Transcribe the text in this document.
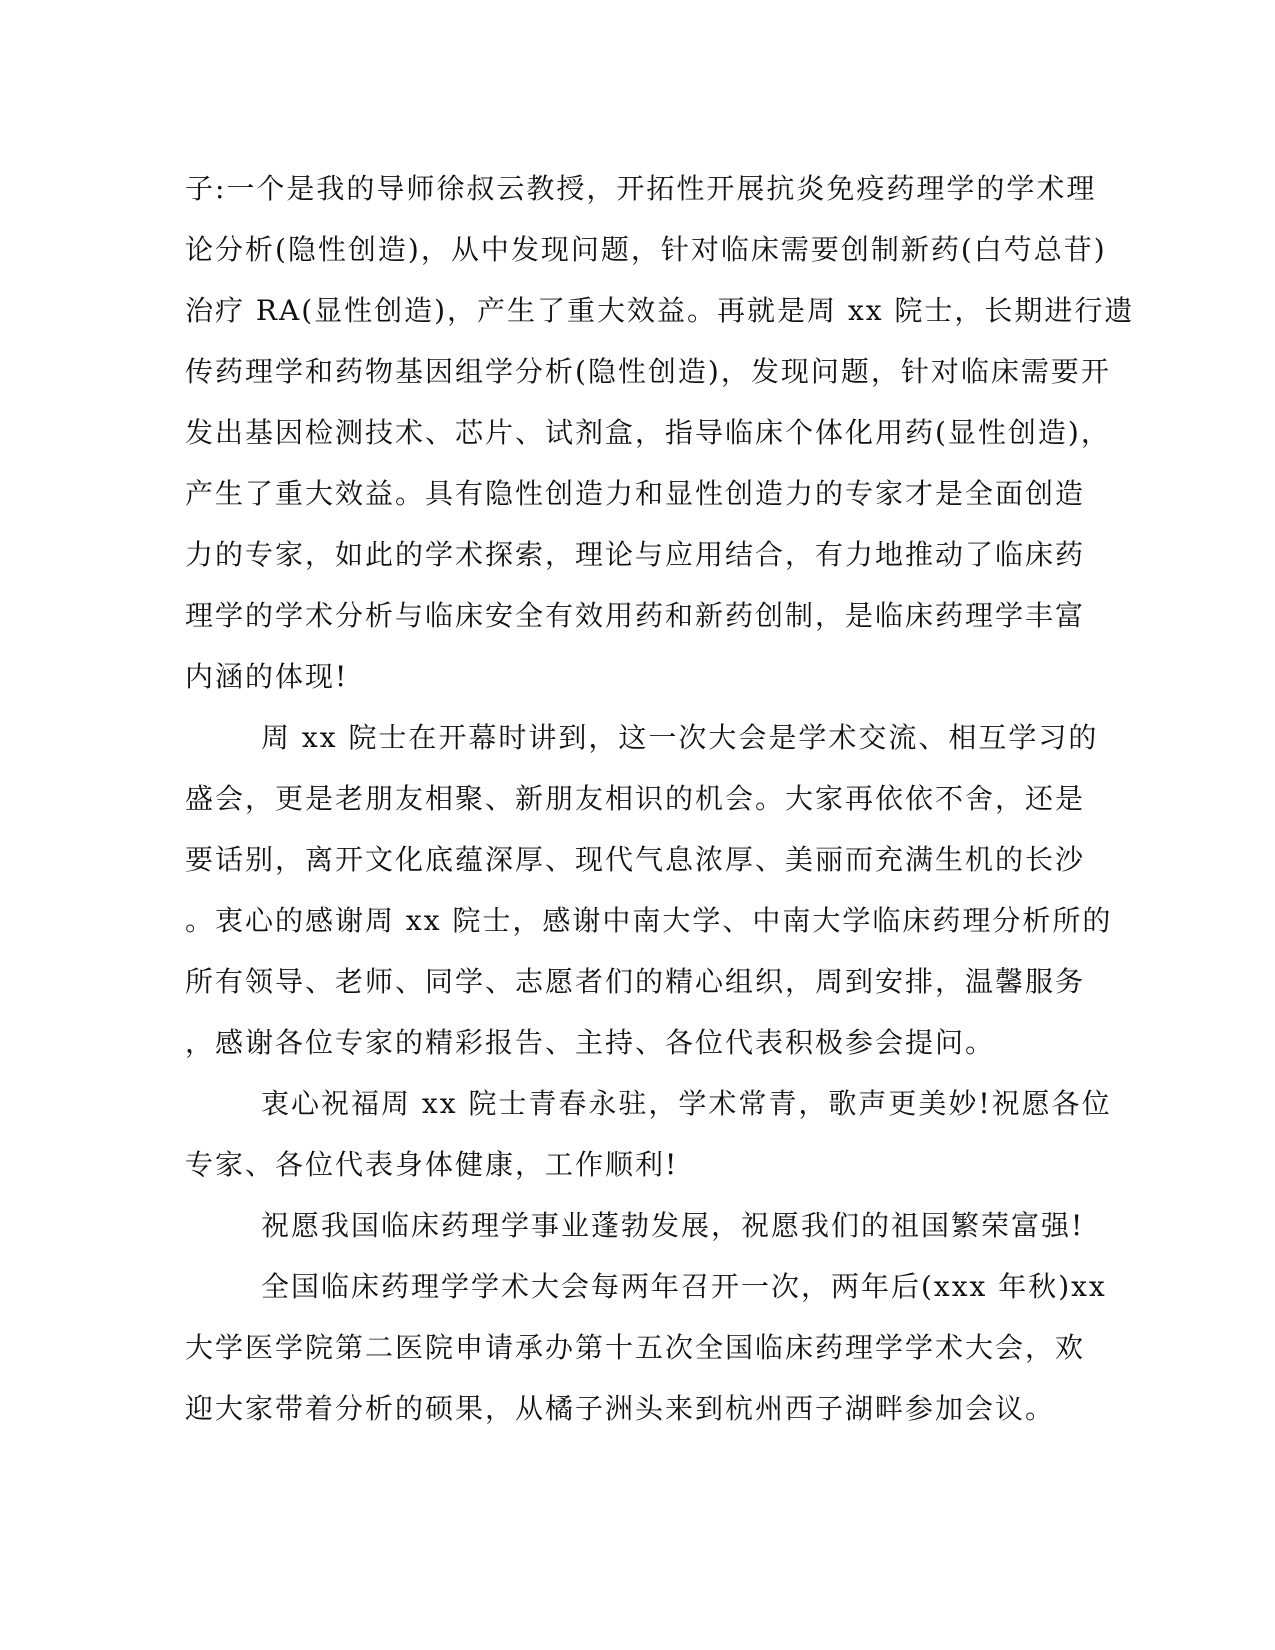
子:一个是我的导师徐叔云教授，开拓性开展抗炎免疫药理学的学术理
论分析(隐性创造)，从中发现问题，针对临床需要创制新药(白芍总苷)
治疗 RA(显性创造)，产生了重大效益。再就是周 xx 院士，长期进行遗
传药理学和药物基因组学分析(隐性创造)，发现问题，针对临床需要开
发出基因检测技术、芯片、试剂盒，指导临床个体化用药(显性创造)，
产生了重大效益。具有隐性创造力和显性创造力的专家才是全面创造
力的专家，如此的学术探索，理论与应用结合，有力地推动了临床药
理学的学术分析与临床安全有效用药和新药创制，是临床药理学丰富
内涵的体现!
周 xx 院士在开幕时讲到，这一次大会是学术交流、相互学习的
盛会，更是老朋友相聚、新朋友相识的机会。大家再依依不舍，还是
要话别，离开文化底蕴深厚、现代气息浓厚、美丽而充满生机的长沙
。衷心的感谢周 xx 院士，感谢中南大学、中南大学临床药理分析所的
所有领导、老师、同学、志愿者们的精心组织，周到安排，温馨服务
，感谢各位专家的精彩报告、主持、各位代表积极参会提问。
衷心祝福周 xx 院士青春永驻，学术常青，歌声更美妙!祝愿各位
专家、各位代表身体健康，工作顺利!
祝愿我国临床药理学事业蓬勃发展，祝愿我们的祖国繁荣富强!
全国临床药理学学术大会每两年召开一次，两年后(xxx 年秋)xx
大学医学院第二医院申请承办第十五次全国临床药理学学术大会，欢
迎大家带着分析的硕果，从橘子洲头来到杭州西子湖畔参加会议。
